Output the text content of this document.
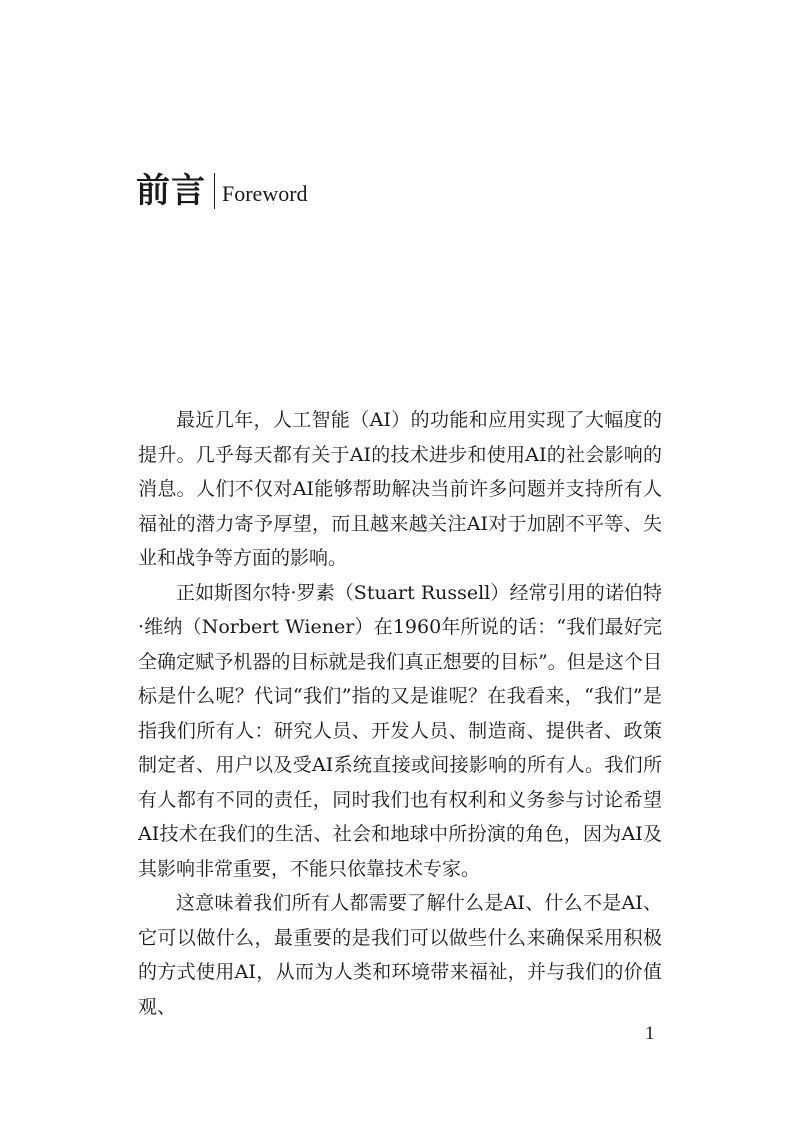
前言 Foreword

最近几年，人工智能（AI）的功能和应用实现了大幅度的提升。几乎每天都有关于AI的技术进步和使用AI的社会影响的消息。人们不仅对AI能够帮助解决当前许多问题并支持所有人福祉的潜力寄予厚望，而且越来越关注AI对于加剧不平等、失业和战争等方面的影响。

正如斯图尔特·罗素（Stuart Russell）经常引用的诺伯特·维纳（Norbert Wiener）在1960年所说的话：“我们最好完全确定赋予机器的目标就是我们真正想要的目标”。但是这个目标是什么呢？代词“我们”指的又是谁呢？在我看来，“我们”是指我们所有人：研究人员、开发人员、制造商、提供者、政策制定者、用户以及受AI系统直接或间接影响的所有人。我们所有人都有不同的责任，同时我们也有权利和义务参与讨论希望AI技术在我们的生活、社会和地球中所扮演的角色，因为AI及其影响非常重要，不能只依靠技术专家。

这意味着我们所有人都需要了解什么是AI、什么不是AI、它可以做什么，最重要的是我们可以做些什么来确保采用积极的方式使用AI，从而为人类和环境带来福祉，并与我们的价值观、

1
